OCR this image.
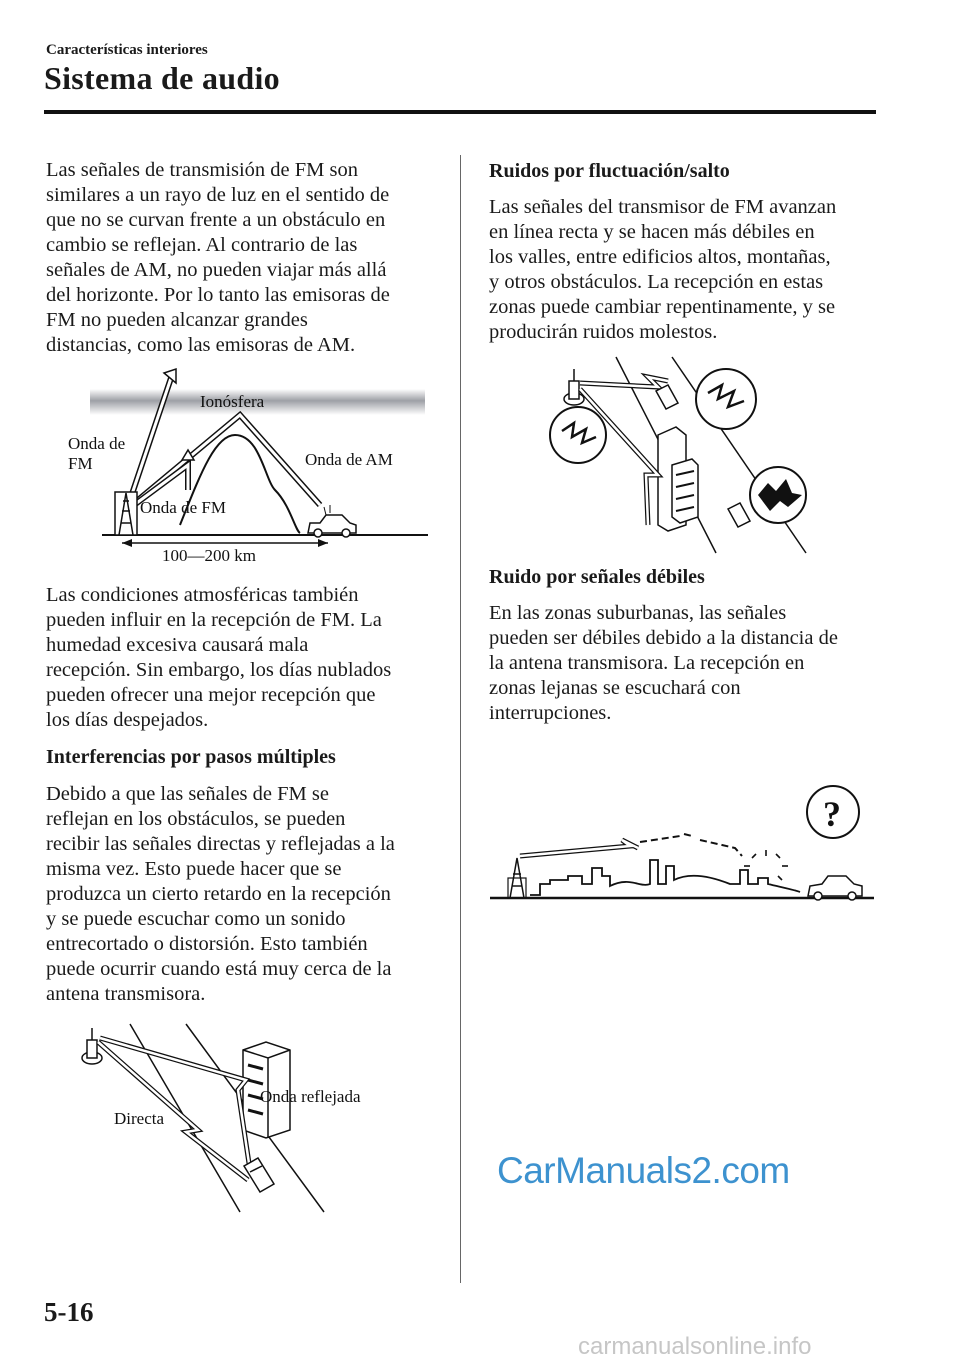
Características interiores
Sistema de audio
Las señales de transmisión de FM son
similares a un rayo de luz en el sentido de
que no se curvan frente a un obstáculo en
cambio se reflejan. Al contrario de las
señales de AM, no pueden viajar más allá
del horizonte. Por lo tanto las emisoras de
FM no pueden alcanzar grandes
distancias, como las emisoras de AM.
Ionósfera
100—200 km
Onda de
FM	Onda de AM
Onda de FM
Las condiciones atmosféricas también
pueden influir en la recepción de FM. La
humedad excesiva causará mala
recepción. Sin embargo, los días nublados
pueden ofrecer una mejor recepción que
los días despejados.
Interferencias por pasos múltiples
Debido a que las señales de FM se
reflejan en los obstáculos, se pueden
recibir las señales directas y reflejadas a la
misma vez. Esto puede hacer que se
produzca un cierto retardo en la recepción
y se puede escuchar como un sonido
entrecortado o distorsión. Esto también
puede ocurrir cuando está muy cerca de la
antena transmisora.
Onda reflejada
Directa
Ruidos por fluctuación/salto
Las señales del transmisor de FM avanzan
en línea recta y se hacen más débiles en
los valles, entre edificios altos, montañas,
y otros obstáculos. La recepción en estas
zonas puede cambiar repentinamente, y se
producirán ruidos molestos.
Ruido por señales débiles
En las zonas suburbanas, las señales
pueden ser débiles debido a la distancia de
la antena transmisora. La recepción en
zonas lejanas se escuchará con
interrupciones.
?
CarManuals2.com
5-16
carmanualsonline.info
